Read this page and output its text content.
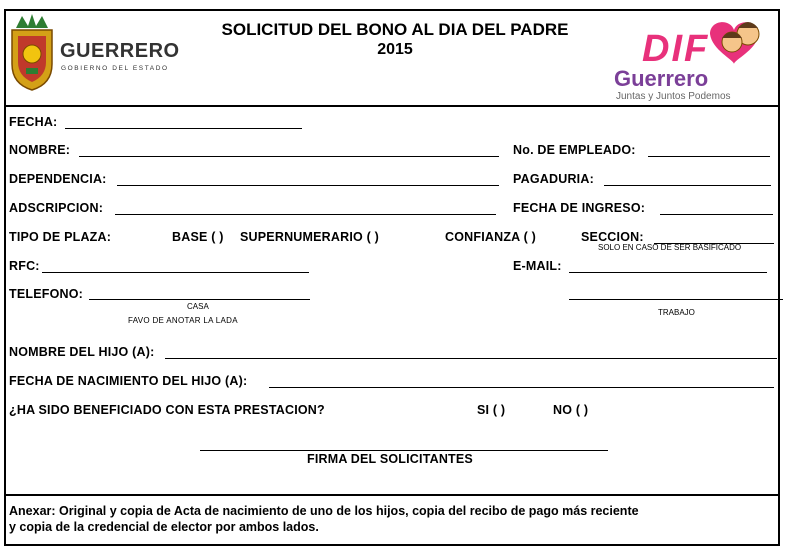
GUERRERO
GOBIERNO DEL ESTADO
SOLICITUD DEL BONO AL DIA DEL PADRE
2015	DIF
Guerrero
Juntas y Juntos Podemos
FECHA:
NOMBRE:	No. DE EMPLEADO:
DEPENDENCIA:	PAGADURIA:
ADSCRIPCION:	FECHA DE INGRESO:
TIPO DE PLAZA:	BASE ( ) SUPERNUMERARIO ( )	CONFIANZA ( )	SECCION:
SOLO EN CASO DE SER BASIFICADO
RFC:	E-MAIL:
TELEFONO:
CASA
FAVO DE ANOTAR LA LADA
TRABAJO
NOMBRE DEL HIJO (A):
FECHA DE NACIMIENTO DEL HIJO (A):
¿HA SIDO BENEFICIADO CON ESTA PRESTACION?	SI ( )	NO ( )
FIRMA DEL SOLICITANTES
Anexar: Original y copia de Acta de nacimiento de uno de los hijos, copia del recibo de pago más reciente
y copia de la credencial de elector por ambos lados.
